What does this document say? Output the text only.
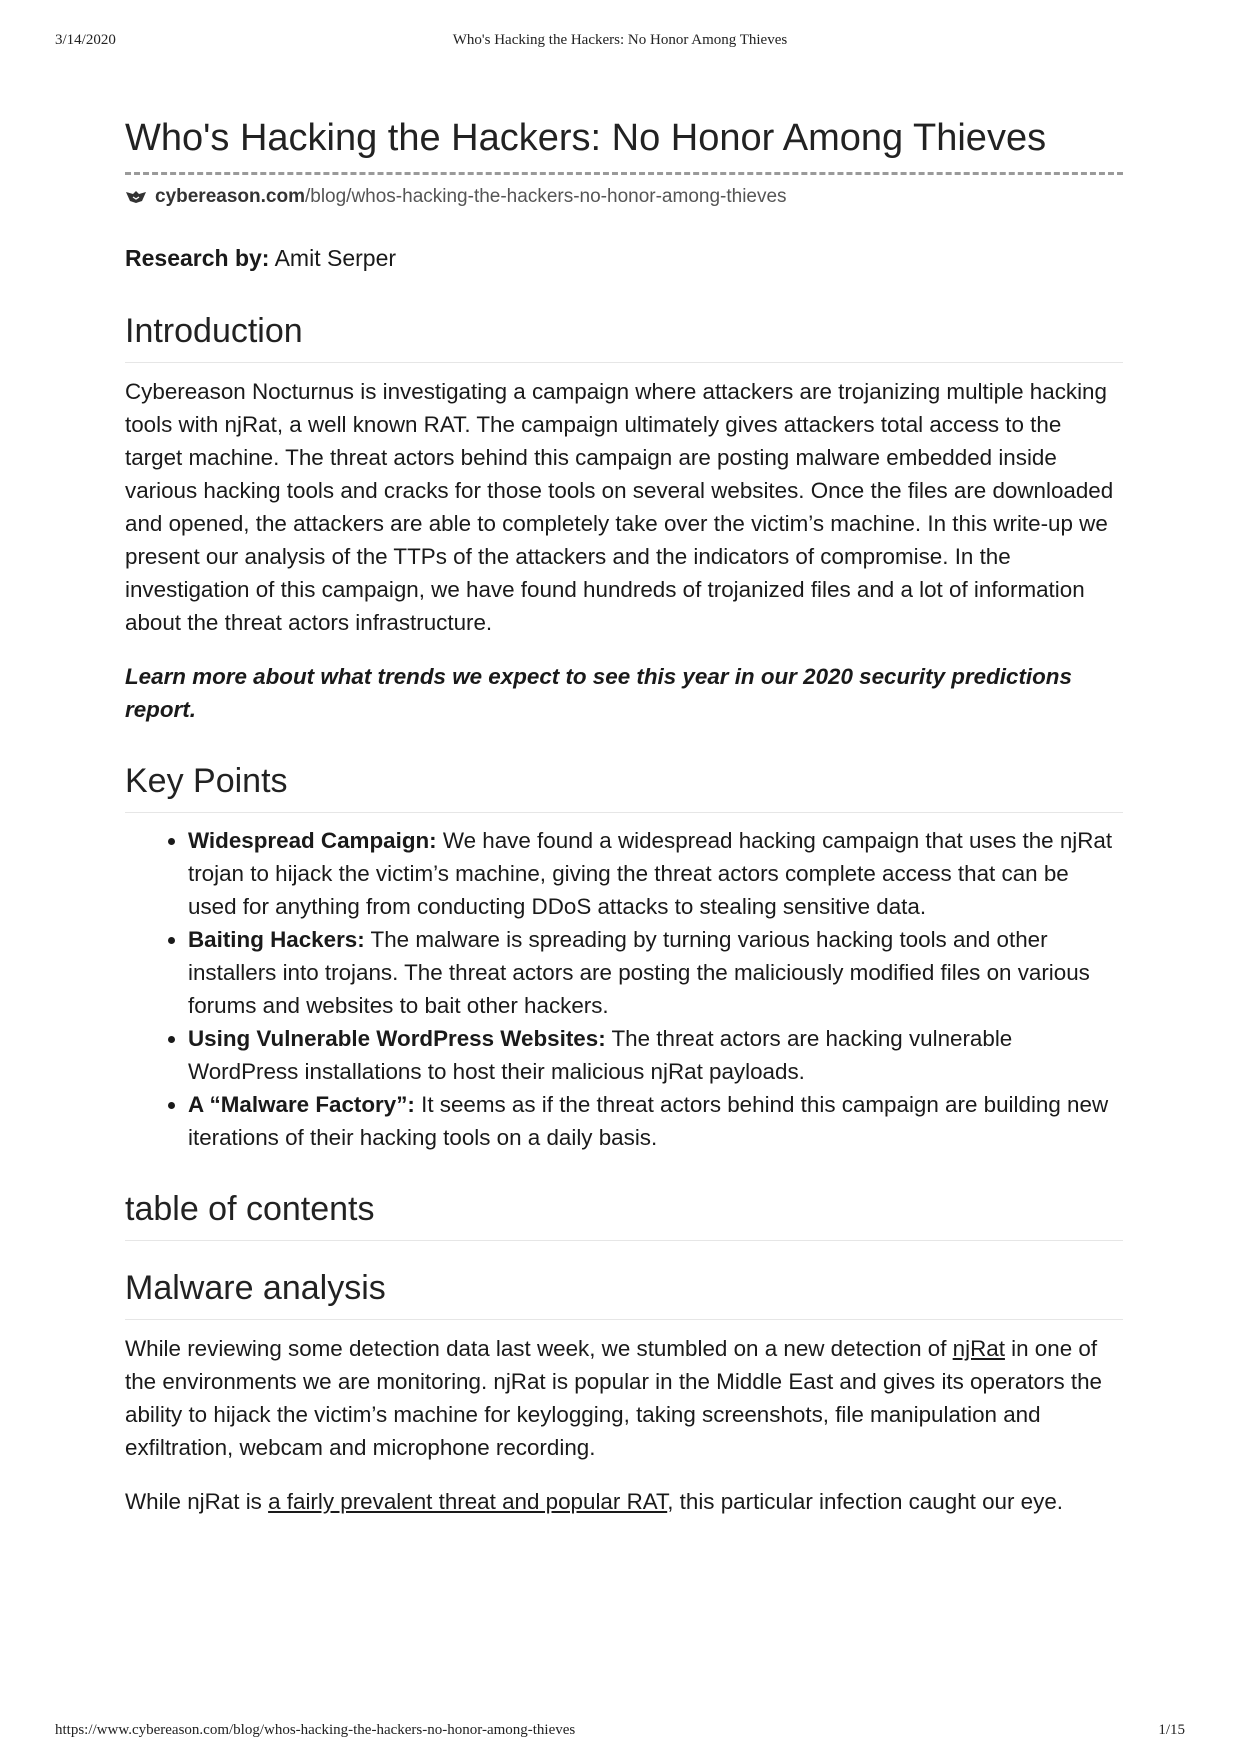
3/14/2020	Who's Hacking the Hackers: No Honor Among Thieves
Who's Hacking the Hackers: No Honor Among Thieves
cybereason.com/blog/whos-hacking-the-hackers-no-honor-among-thieves
Research by: Amit Serper
Introduction

Cybereason Nocturnus is investigating a campaign where attackers are trojanizing multiple hacking tools with njRat, a well known RAT. The campaign ultimately gives attackers total access to the target machine. The threat actors behind this campaign are posting malware embedded inside various hacking tools and cracks for those tools on several websites. Once the files are downloaded and opened, the attackers are able to completely take over the victim’s machine. In this write-up we present our analysis of the TTPs of the attackers and the indicators of compromise. In the investigation of this campaign, we have found hundreds of trojanized files and a lot of information about the threat actors infrastructure.

Learn more about what trends we expect to see this year in our 2020 security predictions report.

Key Points
• Widespread Campaign: We have found a widespread hacking campaign that uses the njRat trojan to hijack the victim’s machine, giving the threat actors complete access that can be used for anything from conducting DDoS attacks to stealing sensitive data.
• Baiting Hackers: The malware is spreading by turning various hacking tools and other installers into trojans. The threat actors are posting the maliciously modified files on various forums and websites to bait other hackers.
• Using Vulnerable WordPress Websites: The threat actors are hacking vulnerable WordPress installations to host their malicious njRat payloads.
• A “Malware Factory”: It seems as if the threat actors behind this campaign are building new iterations of their hacking tools on a daily basis.
table of contents
Malware analysis

While reviewing some detection data last week, we stumbled on a new detection of njRat in one of the environments we are monitoring. njRat is popular in the Middle East and gives its operators the ability to hijack the victim’s machine for keylogging, taking screenshots, file manipulation and exfiltration, webcam and microphone recording.

While njRat is a fairly prevalent threat and popular RAT, this particular infection caught our eye.

https://www.cybereason.com/blog/whos-hacking-the-hackers-no-honor-among-thieves	1/15
